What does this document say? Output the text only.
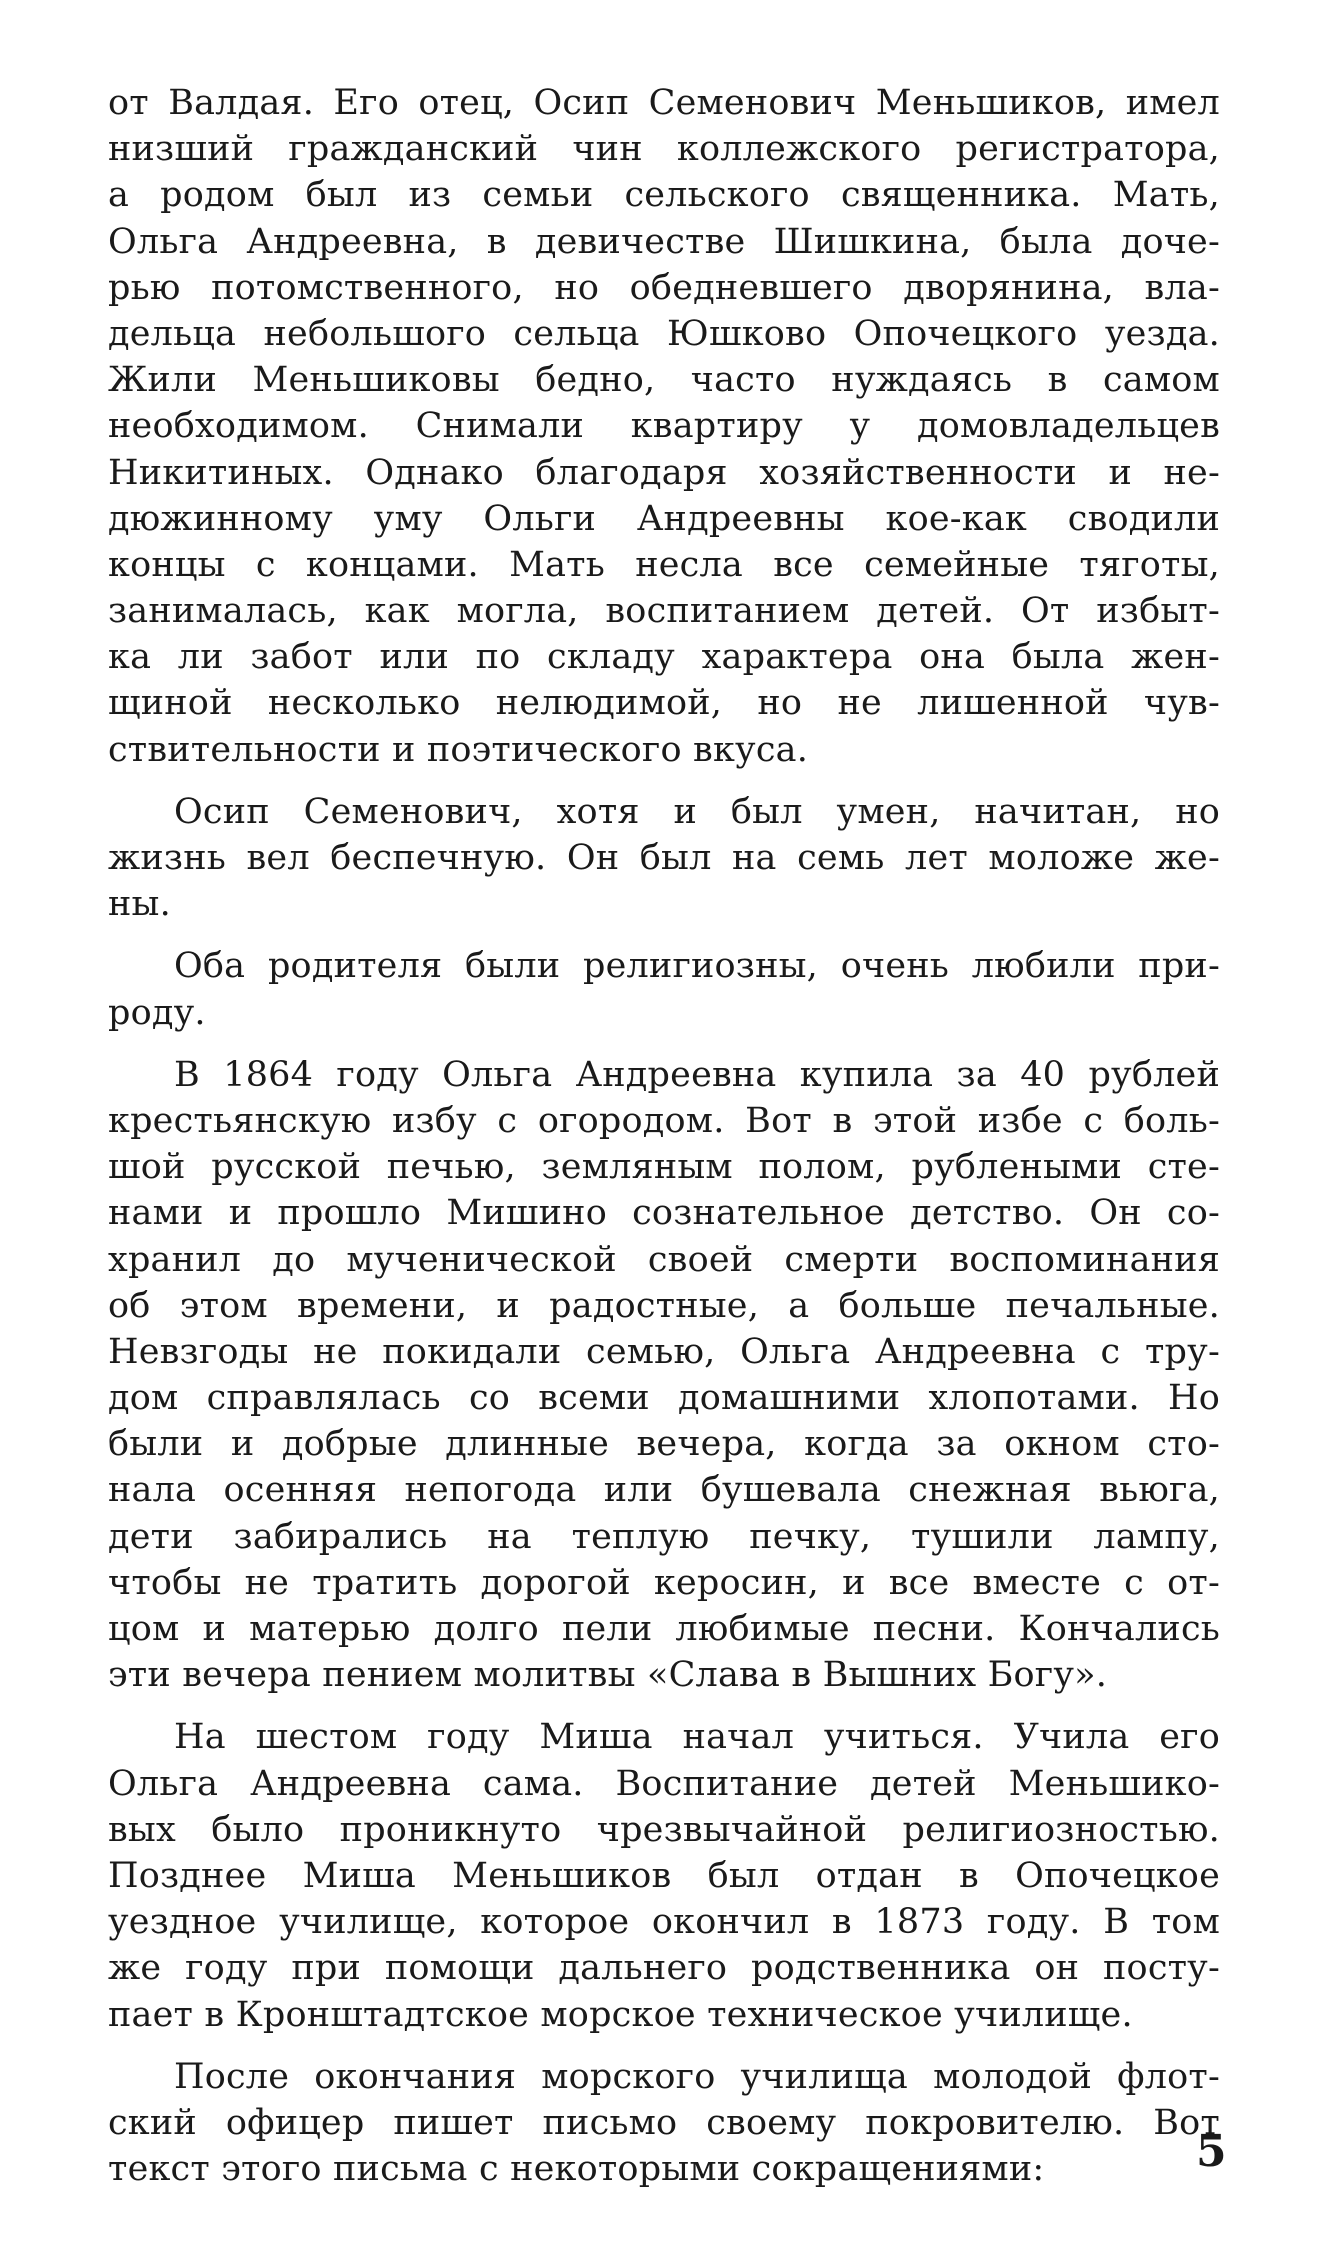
от Валдая. Его отец, Осип Семенович Меньшиков, имел
низший гражданский чин коллежского регистратора,
а родом был из семьи сельского священника. Мать,
Ольга Андреевна, в девичестве Шишкина, была доче-
рью потомственного, но обедневшего дворянина, вла-
дельца небольшого сельца Юшково Опочецкого уезда.
Жили Меньшиковы бедно, часто нуждаясь в самом
необходимом. Снимали квартиру у домовладельцев
Никитиных. Однако благодаря хозяйственности и не-
дюжинному уму Ольги Андреевны кое-как сводили
концы с концами. Мать несла все семейные тяготы,
занималась, как могла, воспитанием детей. От избыт-
ка ли забот или по складу характера она была жен-
щиной несколько нелюдимой, но не лишенной чув-
ствительности и поэтического вкуса.
Осип Семенович, хотя и был умен, начитан, но
жизнь вел беспечную. Он был на семь лет моложе же-
ны.
Оба родителя были религиозны, очень любили при-
роду.
В 1864 году Ольга Андреевна купила за 40 рублей
крестьянскую избу с огородом. Вот в этой избе с боль-
шой русской печью, земляным полом, рублеными сте-
нами и прошло Мишино сознательное детство. Он со-
хранил до мученической своей смерти воспоминания
об этом времени, и радостные, а больше печальные.
Невзгоды не покидали семью, Ольга Андреевна с тру-
дом справлялась со всеми домашними хлопотами. Но
были и добрые длинные вечера, когда за окном сто-
нала осенняя непогода или бушевала снежная вьюга,
дети забирались на теплую печку, тушили лампу,
чтобы не тратить дорогой керосин, и все вместе с от-
цом и матерью долго пели любимые песни. Кончались
эти вечера пением молитвы «Слава в Вышних Богу».
На шестом году Миша начал учиться. Учила его
Ольга Андреевна сама. Воспитание детей Меньшико-
вых было проникнуто чрезвычайной религиозностью.
Позднее Миша Меньшиков был отдан в Опочецкое
уездное училище, которое окончил в 1873 году. В том
же году при помощи дальнего родственника он посту-
пает в Кронштадтское морское техническое училище.
После окончания морского училища молодой флот-
ский офицер пишет письмо своему покровителю. Вот
текст этого письма с некоторыми сокращениями:	5
